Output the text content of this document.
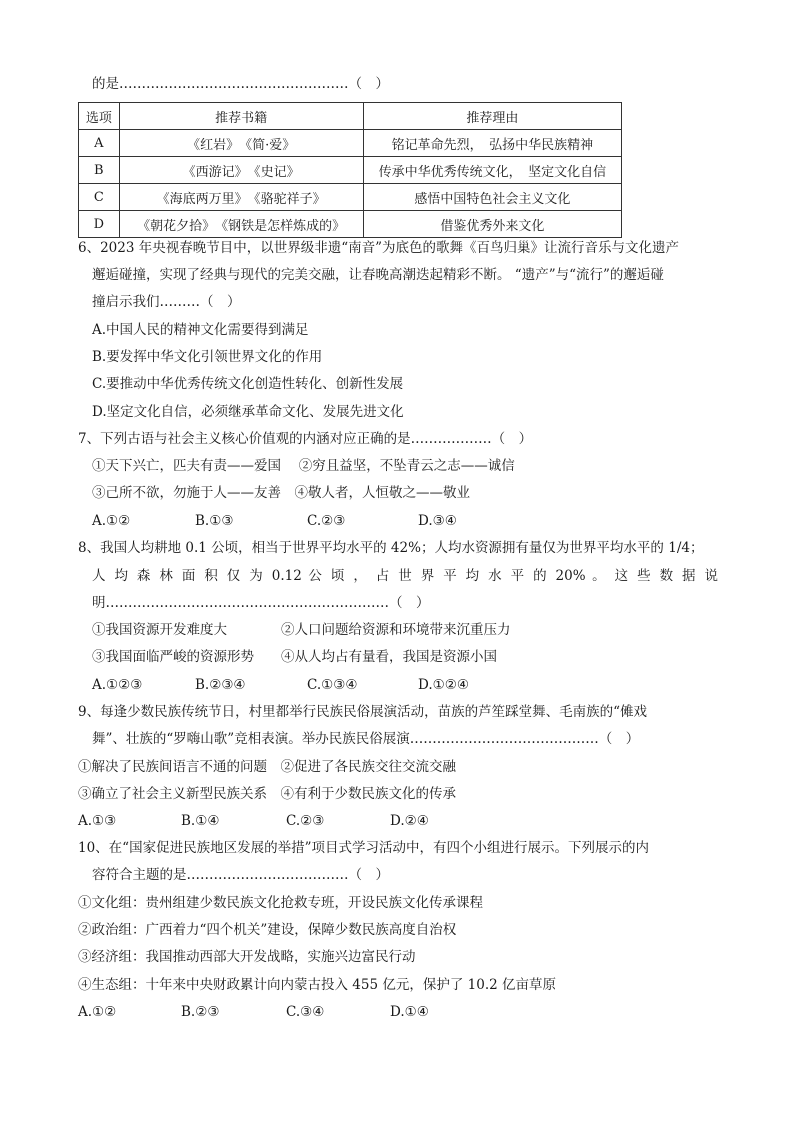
的是……………………………………………（　）
选项	推荐书籍	推荐理由
A	《红岩》　《简·爱》	铭记革命先烈，　弘扬中华民族精神
B	《西游记》　《史记》	传承中华优秀传统文化，　坚定文化自信
C	《海底两万里》　《骆驼祥子》	感悟中国特色社会主义文化
D	《朝花夕拾》　《钢铁是怎样炼成的》	借鉴优秀外来文化
6、2023 年央视春晚节目中，以世界级非遗“南音”为底色的歌舞《百鸟归巢》让流行音乐与文化遗产
邂逅碰撞，实现了经典与现代的完美交融，让春晚高潮迭起精彩不断。 “遗产”与“流行”的邂逅碰
撞启示我们………（　）
A.中国人民的精神文化需要得到满足
B.要发挥中华文化引领世界文化的作用
C.要推动中华优秀传统文化创造性转化、创新性发展
D.坚定文化自信，必须继承革命文化、发展先进文化
7、下列古语与社会主义核心价值观的内涵对应正确的是………………（　）
①天下兴亡，匹夫有责——爱国　 ②穷且益坚，不坠青云之志——诚信
③己所不欲，勿施于人——友善　④敬人者，人恒敬之——敬业
A.①②	B.①③	C.②③	D.③④
8、我国人均耕地 0.1 公顷，相当于世界平均水平的 42%；人均水资源拥有量仅为世界平均水平的 1/4；
人 均 森 林 面 积 仅 为 0.12 公 顷 ， 占 世 界 平 均 水 平 的 20% 。 这 些 数 据 说
明………………………………………………………（　）
①我国资源开发难度大　　　　②人口问题给资源和环境带来沉重压力
③我国面临严峻的资源形势　　④从人均占有量看，我国是资源小国
A.①②③	B.②③④	C.①③④	D.①②④
9、每逢少数民族传统节日，村里都举行民族民俗展演活动，苗族的芦笙踩堂舞、毛南族的“傩戏
舞”、壮族的“罗嗨山歌”竞相表演。举办民族民俗展演……………………………………（　）
①解决了民族间语言不通的问题　②促进了各民族交往交流交融
③确立了社会主义新型民族关系　④有利于少数民族文化的传承
A.①③	B.①④	C.②③	D.②④
10、在“国家促进民族地区发展的举措”项目式学习活动中，有四个小组进行展示。下列展示的内
容符合主题的是………………………………（　）
①文化组：贵州组建少数民族文化抢救专班，开设民族文化传承课程
②政治组：广西着力“四个机关”建设，保障少数民族高度自治权
③经济组：我国推动西部大开发战略，实施兴边富民行动
④生态组：十年来中央财政累计向内蒙古投入 455 亿元，保护了 10.2 亿亩草原
A.①②	B.②③	C.③④	D.①④
